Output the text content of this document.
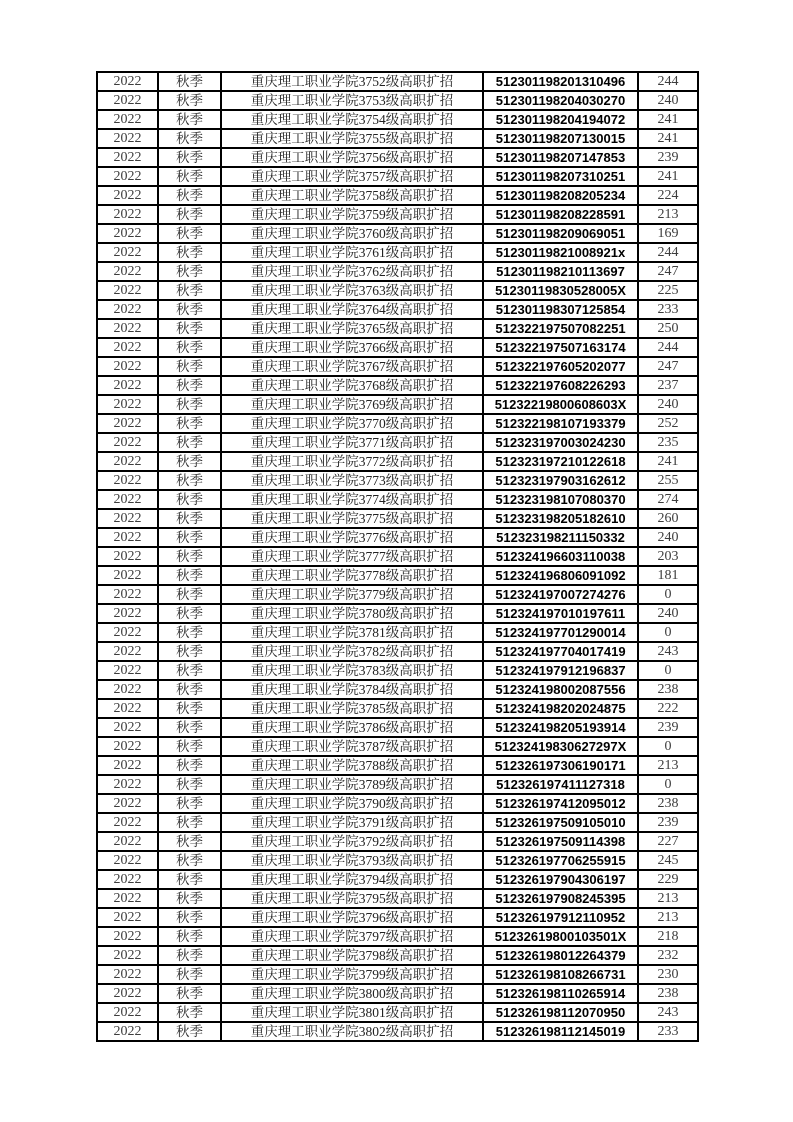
2022	秋季	重庆理工职业学院3752级高职扩招	512301198201310496	244
2022	秋季	重庆理工职业学院3753级高职扩招	512301198204030270	240
2022	秋季	重庆理工职业学院3754级高职扩招	512301198204194072	241
2022	秋季	重庆理工职业学院3755级高职扩招	512301198207130015	241
2022	秋季	重庆理工职业学院3756级高职扩招	512301198207147853	239
2022	秋季	重庆理工职业学院3757级高职扩招	512301198207310251	241
2022	秋季	重庆理工职业学院3758级高职扩招	512301198208205234	224
2022	秋季	重庆理工职业学院3759级高职扩招	512301198208228591	213
2022	秋季	重庆理工职业学院3760级高职扩招	512301198209069051	169
2022	秋季	重庆理工职业学院3761级高职扩招	51230119821008921x	244
2022	秋季	重庆理工职业学院3762级高职扩招	512301198210113697	247
2022	秋季	重庆理工职业学院3763级高职扩招	51230119830528005X	225
2022	秋季	重庆理工职业学院3764级高职扩招	512301198307125854	233
2022	秋季	重庆理工职业学院3765级高职扩招	512322197507082251	250
2022	秋季	重庆理工职业学院3766级高职扩招	512322197507163174	244
2022	秋季	重庆理工职业学院3767级高职扩招	512322197605202077	247
2022	秋季	重庆理工职业学院3768级高职扩招	512322197608226293	237
2022	秋季	重庆理工职业学院3769级高职扩招	51232219800608603X	240
2022	秋季	重庆理工职业学院3770级高职扩招	512322198107193379	252
2022	秋季	重庆理工职业学院3771级高职扩招	512323197003024230	235
2022	秋季	重庆理工职业学院3772级高职扩招	512323197210122618	241
2022	秋季	重庆理工职业学院3773级高职扩招	512323197903162612	255
2022	秋季	重庆理工职业学院3774级高职扩招	512323198107080370	274
2022	秋季	重庆理工职业学院3775级高职扩招	512323198205182610	260
2022	秋季	重庆理工职业学院3776级高职扩招	512323198211150332	240
2022	秋季	重庆理工职业学院3777级高职扩招	512324196603110038	203
2022	秋季	重庆理工职业学院3778级高职扩招	512324196806091092	181
2022	秋季	重庆理工职业学院3779级高职扩招	512324197007274276	0
2022	秋季	重庆理工职业学院3780级高职扩招	512324197010197611	240
2022	秋季	重庆理工职业学院3781级高职扩招	512324197701290014	0
2022	秋季	重庆理工职业学院3782级高职扩招	512324197704017419	243
2022	秋季	重庆理工职业学院3783级高职扩招	512324197912196837	0
2022	秋季	重庆理工职业学院3784级高职扩招	512324198002087556	238
2022	秋季	重庆理工职业学院3785级高职扩招	512324198202024875	222
2022	秋季	重庆理工职业学院3786级高职扩招	512324198205193914	239
2022	秋季	重庆理工职业学院3787级高职扩招	51232419830627297X	0
2022	秋季	重庆理工职业学院3788级高职扩招	512326197306190171	213
2022	秋季	重庆理工职业学院3789级高职扩招	512326197411127318	0
2022	秋季	重庆理工职业学院3790级高职扩招	512326197412095012	238
2022	秋季	重庆理工职业学院3791级高职扩招	512326197509105010	239
2022	秋季	重庆理工职业学院3792级高职扩招	512326197509114398	227
2022	秋季	重庆理工职业学院3793级高职扩招	512326197706255915	245
2022	秋季	重庆理工职业学院3794级高职扩招	512326197904306197	229
2022	秋季	重庆理工职业学院3795级高职扩招	512326197908245395	213
2022	秋季	重庆理工职业学院3796级高职扩招	512326197912110952	213
2022	秋季	重庆理工职业学院3797级高职扩招	51232619800103501X	218
2022	秋季	重庆理工职业学院3798级高职扩招	512326198012264379	232
2022	秋季	重庆理工职业学院3799级高职扩招	512326198108266731	230
2022	秋季	重庆理工职业学院3800级高职扩招	512326198110265914	238
2022	秋季	重庆理工职业学院3801级高职扩招	512326198112070950	243
2022	秋季	重庆理工职业学院3802级高职扩招	512326198112145019	233
